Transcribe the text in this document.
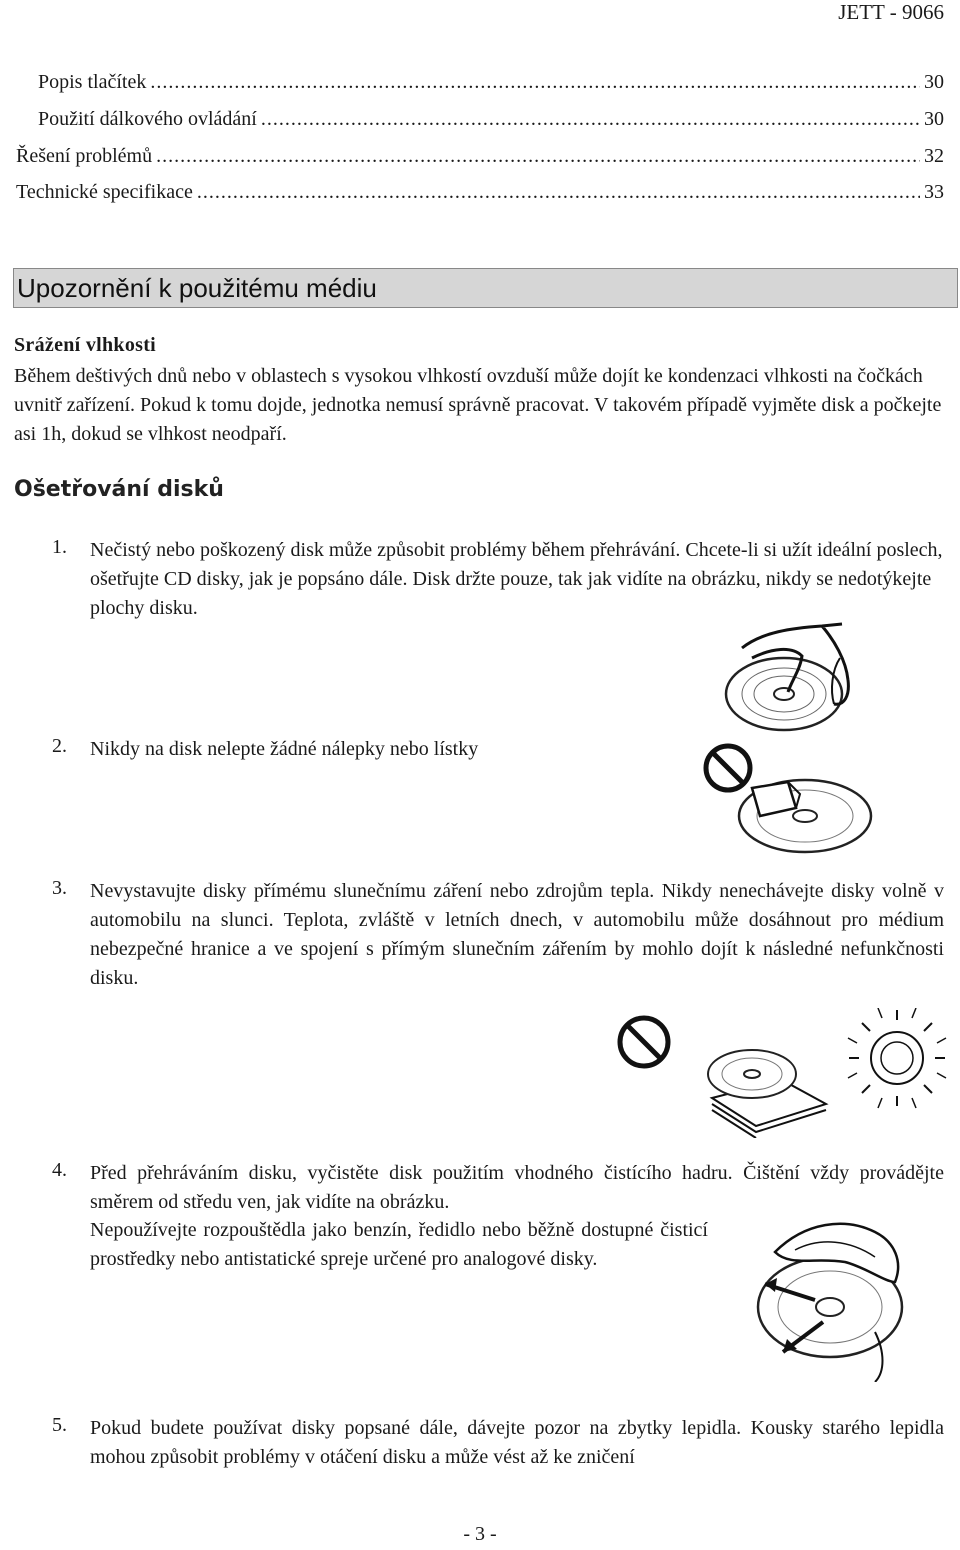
JETT - 9066
Popis tlačítek .....	30
Použití dálkového ovládání .....	30
Řešení problémů .....	32
Technické specifikace .....	33
Upozornění k použitému médiu
Srážení vlhkosti
Během deštivých dnů nebo v oblastech s vysokou vlhkostí ovzduší může dojít ke kondenzaci vlhkosti na čočkách uvnitř zařízení. Pokud k tomu dojde, jednotka nemusí správně pracovat. V takovém případě vyjměte disk a počkejte asi 1h, dokud se vlhkost neodpaří.
Ošetřování disků
1. Nečistý nebo poškozený disk může způsobit problémy během přehrávání. Chcete-li si užít ideální poslech, ošetřujte CD disky, jak je popsáno dále. Disk držte pouze, tak jak vidíte na obrázku, nikdy se nedotýkejte plochy disku.
2. Nikdy na disk nelepte žádné nálepky nebo lístky
3. Nevystavujte disky přímému slunečnímu záření nebo zdrojům tepla. Nikdy nenechávejte disky volně v automobilu na slunci. Teplota, zvláště v letních dnech, v automobilu může dosáhnout pro médium nebezpečné hranice a ve spojení s přímým slunečním zářením by mohlo dojít k následné nefunkčnosti disku.
4. Před přehráváním disku, vyčistěte disk použitím vhodného čistícího hadru. Čištění vždy provádějte směrem od středu ven, jak vidíte na obrázku.
Nepoužívejte rozpouštědla jako benzín, ředidlo nebo běžně dostupné čisticí prostředky nebo antistatické spreje určené pro analogové disky.
5. Pokud budete používat disky popsané dále, dávejte pozor na zbytky lepidla. Kousky starého lepidla mohou způsobit problémy v otáčení disku a může vést až ke zničení
- 3 -
